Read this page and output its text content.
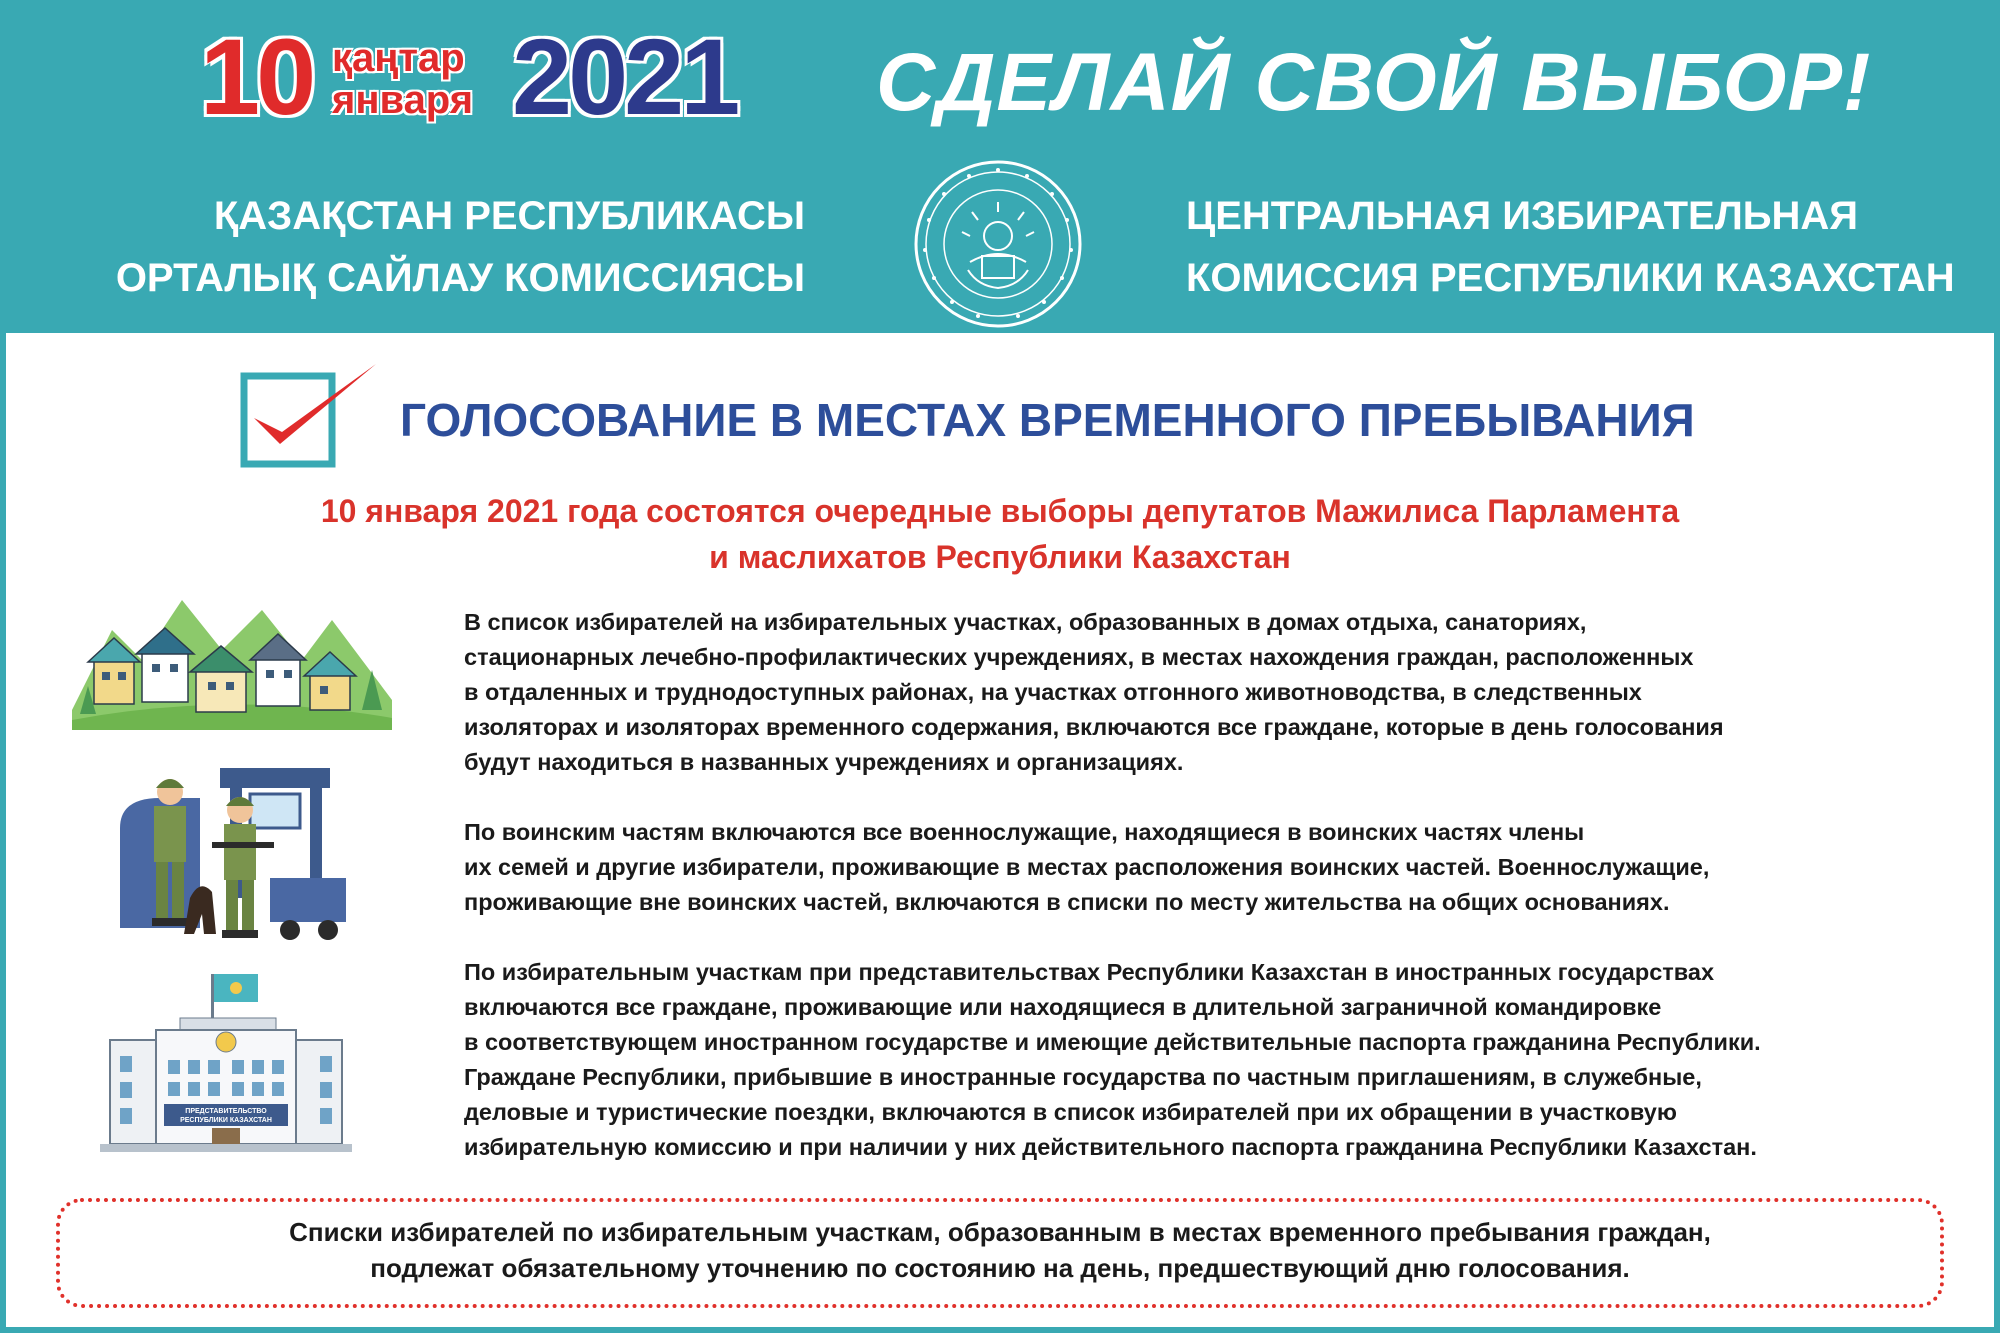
10 қаңтар
января 2021 СДЕЛАЙ СВОЙ ВЫБОР!
ҚАЗАҚСТАН РЕСПУБЛИКАСЫ
ОРТАЛЫҚ САЙЛАУ КОМИССИЯСЫ
ЦЕНТРАЛЬНАЯ ИЗБИРАТЕЛЬНАЯ
КОМИССИЯ РЕСПУБЛИКИ КАЗАХСТАН
ГОЛОСОВАНИЕ В МЕСТАХ ВРЕМЕННОГО ПРЕБЫВАНИЯ
10 января 2021 года состоятся очередные выборы депутатов Мажилиса Парламента
и маслихатов Республики Казахстан
ПРЕДСТАВИТЕЛЬСТВО
РЕСПУБЛИКИ КАЗАХСТАН
В список избирателей на избирательных участках, образованных в домах отдыха, санаториях,
стационарных лечебно-профилактических учреждениях, в местах нахождения граждан, расположенных
в отдаленных и труднодоступных районах, на участках отгонного животноводства, в следственных
изоляторах и изоляторах временного содержания, включаются все граждане, которые в день голосования
будут находиться в названных учреждениях и организациях.
По воинским частям включаются все военнослужащие, находящиеся в воинских частях члены
их семей и другие избиратели, проживающие в местах расположения воинских частей. Военнослужащие,
проживающие вне воинских частей, включаются в списки по месту жительства на общих основаниях.
По избирательным участкам при представительствах Республики Казахстан в иностранных государствах
включаются все граждане, проживающие или находящиеся в длительной заграничной командировке
в соответствующем иностранном государстве и имеющие действительные паспорта гражданина Республики.
Граждане Республики, прибывшие в иностранные государства по частным приглашениям, в служебные,
деловые и туристические поездки, включаются в список избирателей при их обращении в участковую
избирательную комиссию и при наличии у них действительного паспорта гражданина Республики Казахстан.
Списки избирателей по избирательным участкам, образованным в местах временного пребывания граждан,
подлежат обязательному уточнению по состоянию на день, предшествующий дню голосования.
